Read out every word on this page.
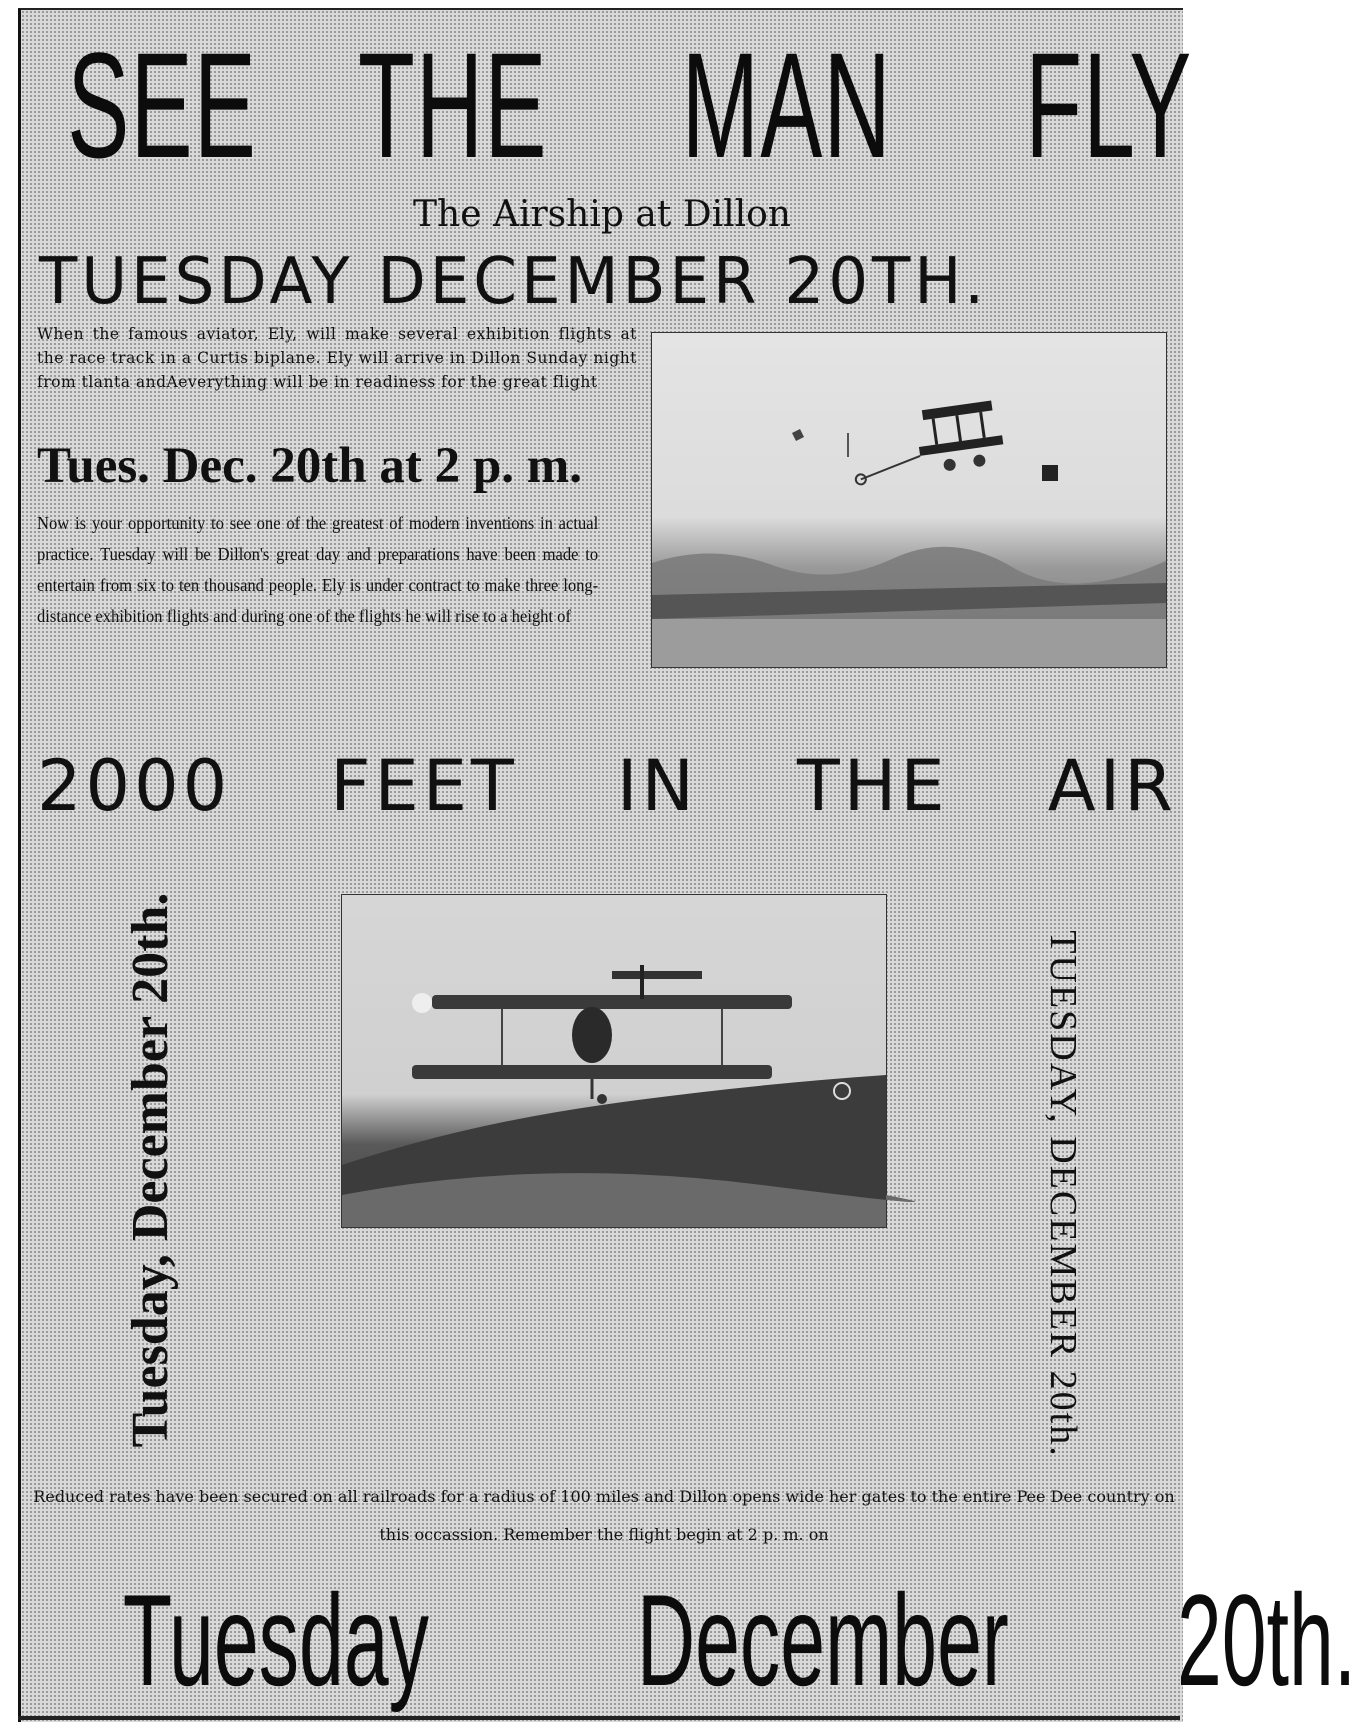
SEE THE MAN FLY
The Airship at Dillon
TUESDAY DECEMBER 20TH.
When the famous aviator, Ely, will make several exhibition flights at the race track in a Curtis biplane. Ely will arrive in Dillon Sunday night from tlanta andAeverything will be in readiness for the great flight
Tues. Dec. 20th at 2 p. m.
Now is your opportunity to see one of the greatest of modern inventions in actual practice. Tuesday will be Dillon's great day and preparations have been made to entertain from six to ten thousand people. Ely is under contract to make three long-distance exhibition flights and during one of the flights he will rise to a height of
2000 FEET IN THE AIR
Tuesday, December 20th.	TUESDAY, DECEMBER 20th.
Reduced rates have been secured on all railroads for a radius of 100 miles and Dillon opens wide her gates to the entire Pee Dee country on this occassion. Remember the flight begin at 2 p. m. on
Tuesday December 20th.
